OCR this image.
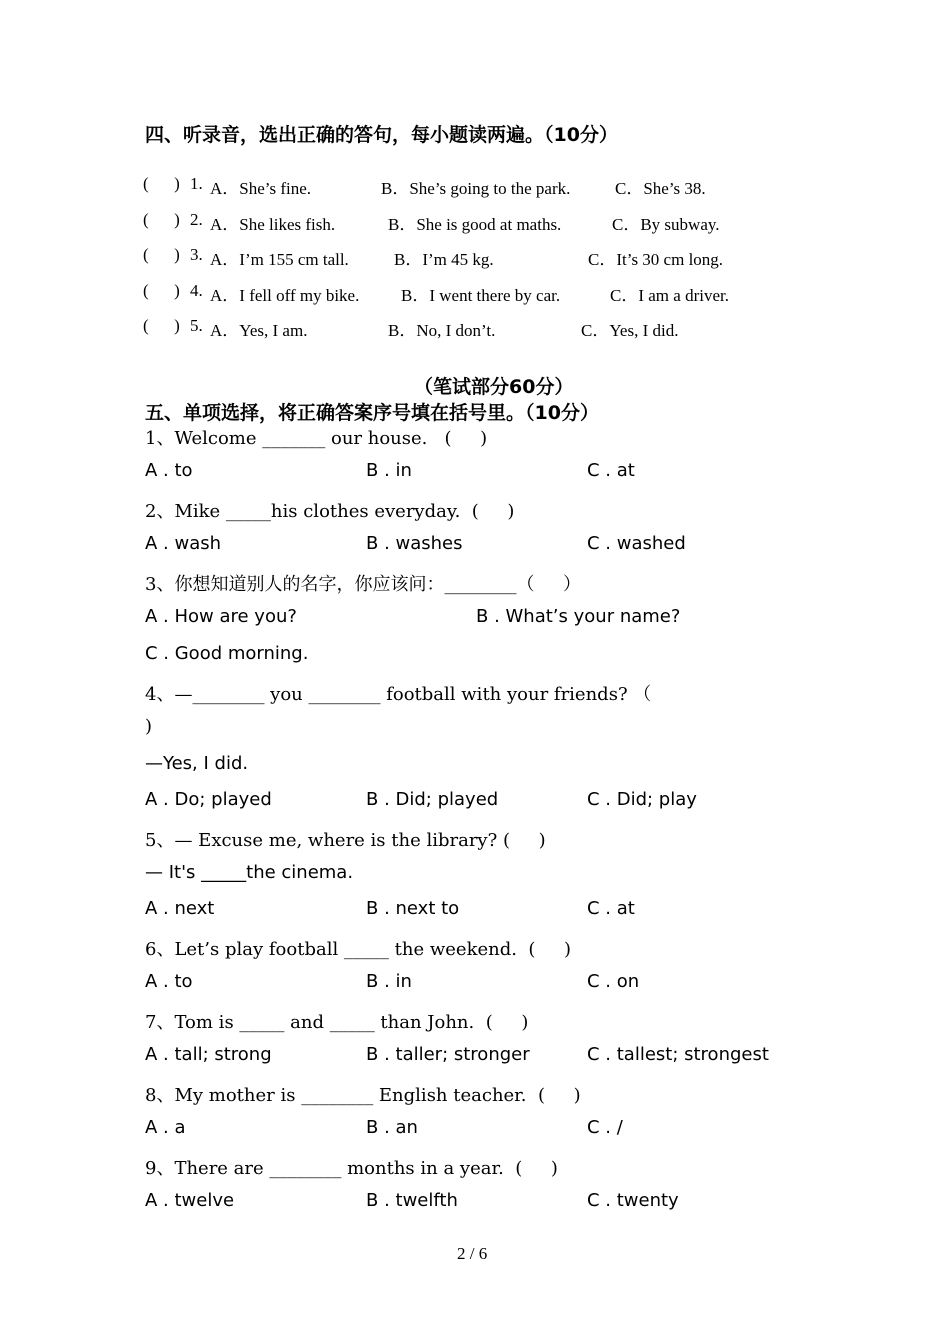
四、听录音，选出正确的答句，每小题读两遍。（10分）
(      ) 1. A．She’s fine.	B．She’s going to the park.	C．She’s 38.
(      ) 2. A．She likes fish.	B．She is good at maths.	C．By subway.
(      ) 3. A．I’m 155 cm tall.	B．I’m 45 kg.	C．It’s 30 cm long.
(      ) 4. A．I fell off my bike. B．I went there by car.	C．I am a driver.
(      ) 5. A．Yes, I am.	B．No, I don’t.	C．Yes, I did.
（笔试部分60分）
五、单项选择，将正确答案序号填在括号里。（10分）
1、Welcome _______ our house.   (     )
A . to	B . in	C . at
2、Mike _____his clothes everyday.  (     )
A . wash	B . washes	C . washed
3、你想知道别人的名字，你应该问：________（     ）
A . How are you?	B . What’s your name?
C . Good morning.
4、—________ you ________ football with your friends? （
)
—Yes, I did.
A . Do; played	B . Did; played	C . Did; play
5、— Excuse me, where is the library? (     )
— It's _____the cinema.
A . next	B . next to	C . at
6、Let’s play football _____ the weekend.  (     )
A . to	B . in	C . on
7、Tom is _____ and _____ than John.  (     )
A . tall; strong	B . taller; stronger	C . tallest; strongest
8、My mother is ________ English teacher.  (     )
A . a	B . an	C . /
9、There are ________ months in a year.  (     )
A . twelve	B . twelfth	C . twenty
2 / 6
